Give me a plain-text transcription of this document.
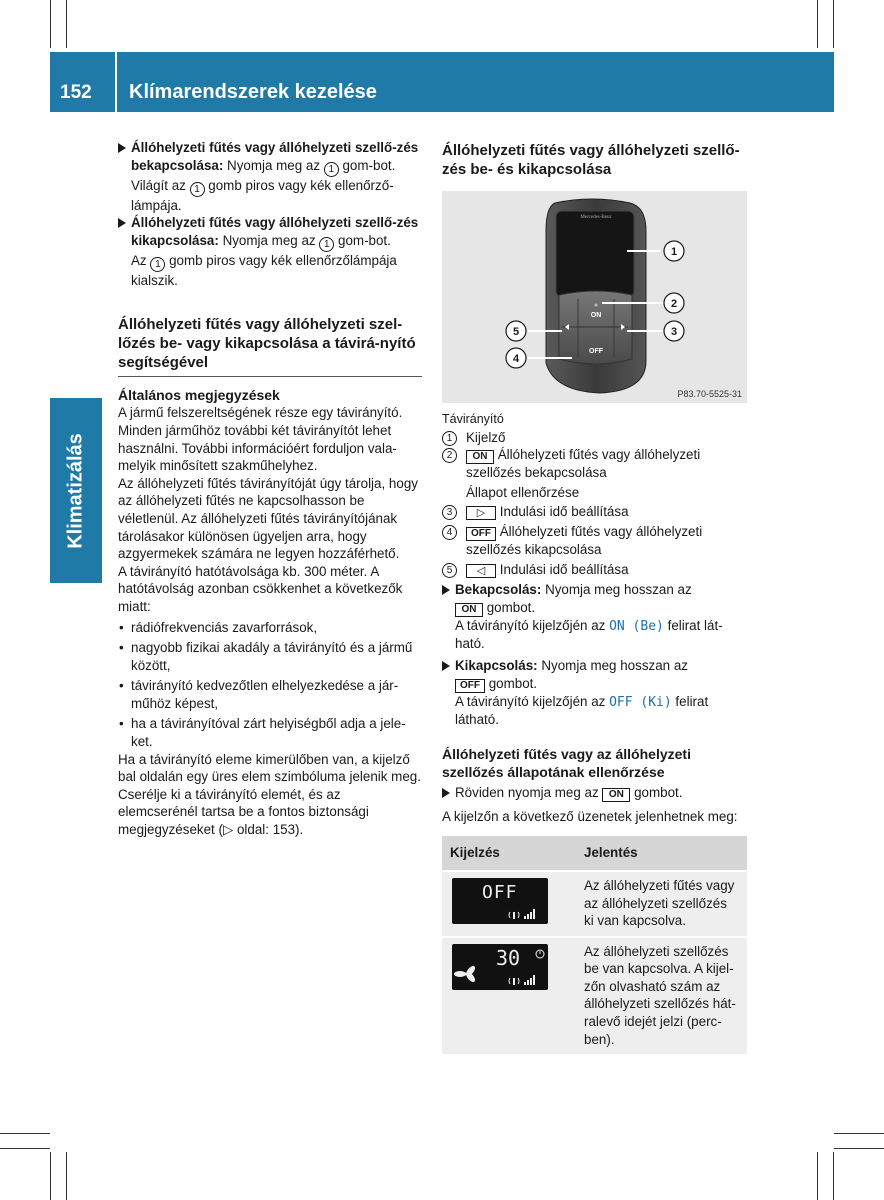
152 Klímarendszerek kezelése
Klimatizálás

Állóhelyzeti fűtés vagy állóhelyzeti szellő-zés bekapcsolása: Nyomja meg az 1 gom-bot.

Világít az 1 gomb piros vagy kék ellenőrző-lámpája.

Állóhelyzeti fűtés vagy állóhelyzeti szellő-zés kikapcsolása: Nyomja meg az 1 gom-bot.

Az 1 gomb piros vagy kék ellenőrzőlámpája kialszik.

Állóhelyzeti fűtés vagy állóhelyzeti szel-lőzés be- vagy kikapcsolása a távirá-nyító segítségével
Általános megjegyzések

A jármű felszereltségének része egy távirányító. Minden járműhöz további két távirányítót lehet használni. További információért forduljon vala-melyik minősített szakműhelyhez.

Az állóhelyzeti fűtés távirányítóját úgy tárolja, hogy az állóhelyzeti fűtés ne kapcsolhasson be véletlenül. Az állóhelyzeti fűtés távirányítójának tárolásakor különösen ügyeljen arra, hogy azgyermekek számára ne legyen hozzáférhető.

A távirányító hatótávolsága kb. 300 méter. A hatótávolság azonban csökkenhet a következők miatt:

• rádiófrekvenciás zavarforrások,

• nagyobb fizikai akadály a távirányító és a jármű között,

• távirányító kedvezőtlen elhelyezkedése a jár-műhöz képest,

• ha a távirányítóval zárt helyiségből adja a jele-ket.

Ha a távirányító eleme kimerülőben van, a kijelző bal oldalán egy üres elem szimbóluma jelenik meg. Cserélje ki a távirányító elemét, és az elemcserénél tartsa be a fontos biztonsági megjegyzéseket (▷ oldal: 153).

Állóhelyzeti fűtés vagy állóhelyzeti szellő-zés be- és kikapcsolása
Mercedes-Benz
ON
OFF
1
2
3
4
5
P83.70-5525-31

Távirányító

1	Kijelző

2	ON Állóhelyzeti fűtés vagy állóhelyzeti szellőzés bekapcsolása

Állapot ellenőrzése

3	▷ Indulási idő beállítása

4	OFF Állóhelyzeti fűtés vagy állóhelyzeti szellőzés kikapcsolása

5	◁ Indulási idő beállítása

Bekapcsolás: Nyomja meg hosszan az
ON gombot.

A távirányító kijelzőjén az ON (Be) felirat lát-ható.

Kikapcsolás: Nyomja meg hosszan az
OFF gombot.

A távirányító kijelzőjén az OFF (Ki) felirat látható.

Állóhelyzeti fűtés vagy az állóhelyzeti szellőzés állapotának ellenőrzése

Röviden nyomja meg az ON gombot.

A kijelzőn a következő üzenetek jelenhetnek meg:

Kijelzés	Jelentés

OFF	Az állóhelyzeti fűtés vagy az állóhelyzeti szellőzés ki van kapcsolva.

30	Az állóhelyzeti szellőzés be van kapcsolva. A kijel-zőn olvasható szám az állóhelyzeti szellőzés hát-ralevő idejét jelzi (perc-ben).
